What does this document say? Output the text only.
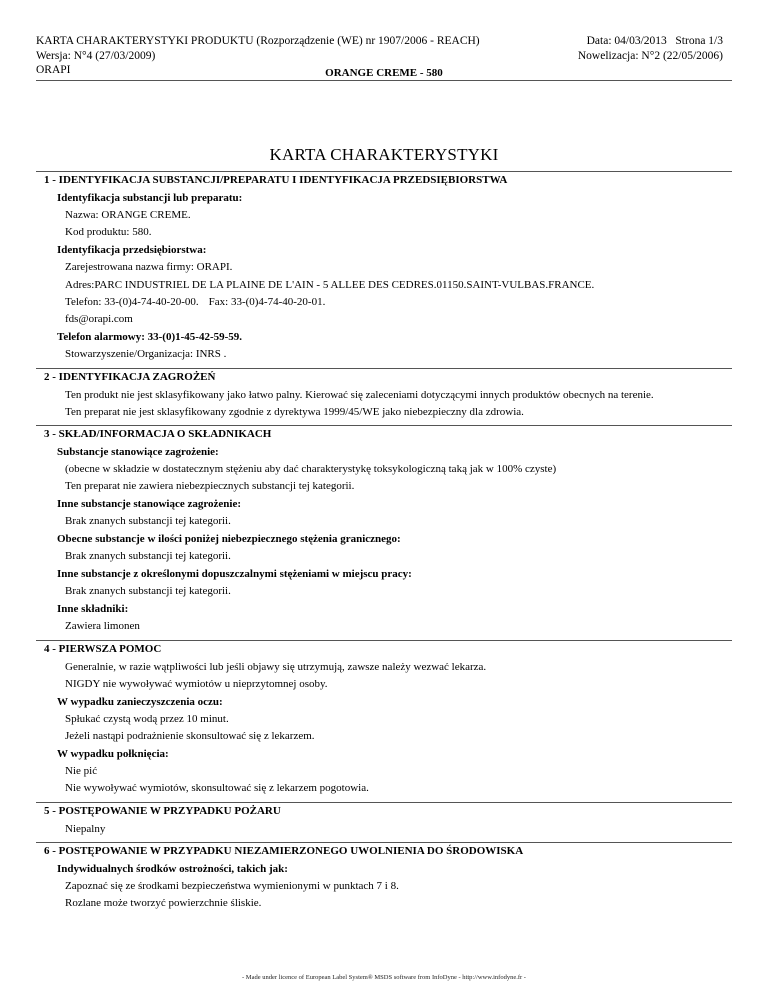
KARTA CHARAKTERYSTYKI PRODUKTU (Rozporządzenie (WE) nr 1907/2006 - REACH)
Wersja: N°4 (27/03/2009)
ORAPI
Data: 04/03/2013   Strona 1/3
Nowelizacja: N°2 (22/05/2006)
ORANGE CREME - 580
KARTA CHARAKTERYSTYKI
1 - IDENTYFIKACJA SUBSTANCJI/PREPARATU I IDENTYFIKACJA PRZEDSIĘBIORSTWA
Identyfikacja substancji lub preparatu:
Nazwa: ORANGE CREME.
Kod produktu: 580.
Identyfikacja przedsiębiorstwa:
Zarejestrowana nazwa firmy: ORAPI.
Adres:PARC INDUSTRIEL DE LA PLAINE DE L'AIN - 5 ALLEE DES CEDRES.01150.SAINT-VULBAS.FRANCE.
Telefon: 33-(0)4-74-40-20-00. Fax: 33-(0)4-74-40-20-01.
fds@orapi.com
Telefon alarmowy: 33-(0)1-45-42-59-59.
Stowarzyszenie/Organizacja: INRS .
2 - IDENTYFIKACJA ZAGROŻEŃ
Ten produkt nie jest sklasyfikowany jako łatwo palny. Kierować się zaleceniami dotyczącymi innych produktów obecnych na terenie.
Ten preparat nie jest sklasyfikowany zgodnie z dyrektywa 1999/45/WE jako niebezpieczny dla zdrowia.
3 - SKŁAD/INFORMACJA O SKŁADNIKACH
Substancje stanowiące zagrożenie:
(obecne w składzie w dostatecznym stężeniu aby dać charakterystykę toksykologiczną taką jak w 100% czyste)
Ten preparat nie zawiera niebezpiecznych substancji tej kategorii.
Inne substancje stanowiące zagrożenie:
Brak znanych substancji tej kategorii.
Obecne substancje w ilości poniżej niebezpiecznego stężenia granicznego:
Brak znanych substancji tej kategorii.
Inne substancje z określonymi dopuszczalnymi stężeniami w miejscu pracy:
Brak znanych substancji tej kategorii.
Inne składniki:
Zawiera limonen
4 - PIERWSZA POMOC
Generalnie, w razie wątpliwości lub jeśli objawy się utrzymują, zawsze należy wezwać lekarza.
NIGDY nie wywoływać wymiotów u nieprzytomnej osoby.
W wypadku zanieczyszczenia oczu:
Spłukać czystą wodą przez 10 minut.
Jeżeli nastąpi podrażnienie skonsultować się z lekarzem.
W wypadku połknięcia:
Nie pić
Nie wywoływać wymiotów, skonsultować się z lekarzem pogotowia.
5 - POSTĘPOWANIE W PRZYPADKU POŻARU
Niepalny
6 - POSTĘPOWANIE W PRZYPADKU NIEZAMIERZONEGO UWOLNIENIA DO ŚRODOWISKA
Indywidualnych środków ostrożności, takich jak:
Zapoznać się ze środkami bezpieczeństwa wymienionymi w punktach 7 i 8.
Rozlane może tworzyć powierzchnie śliskie.
- Made under licence of European Label System® MSDS software from InfoDyne - http://www.infodyne.fr -
